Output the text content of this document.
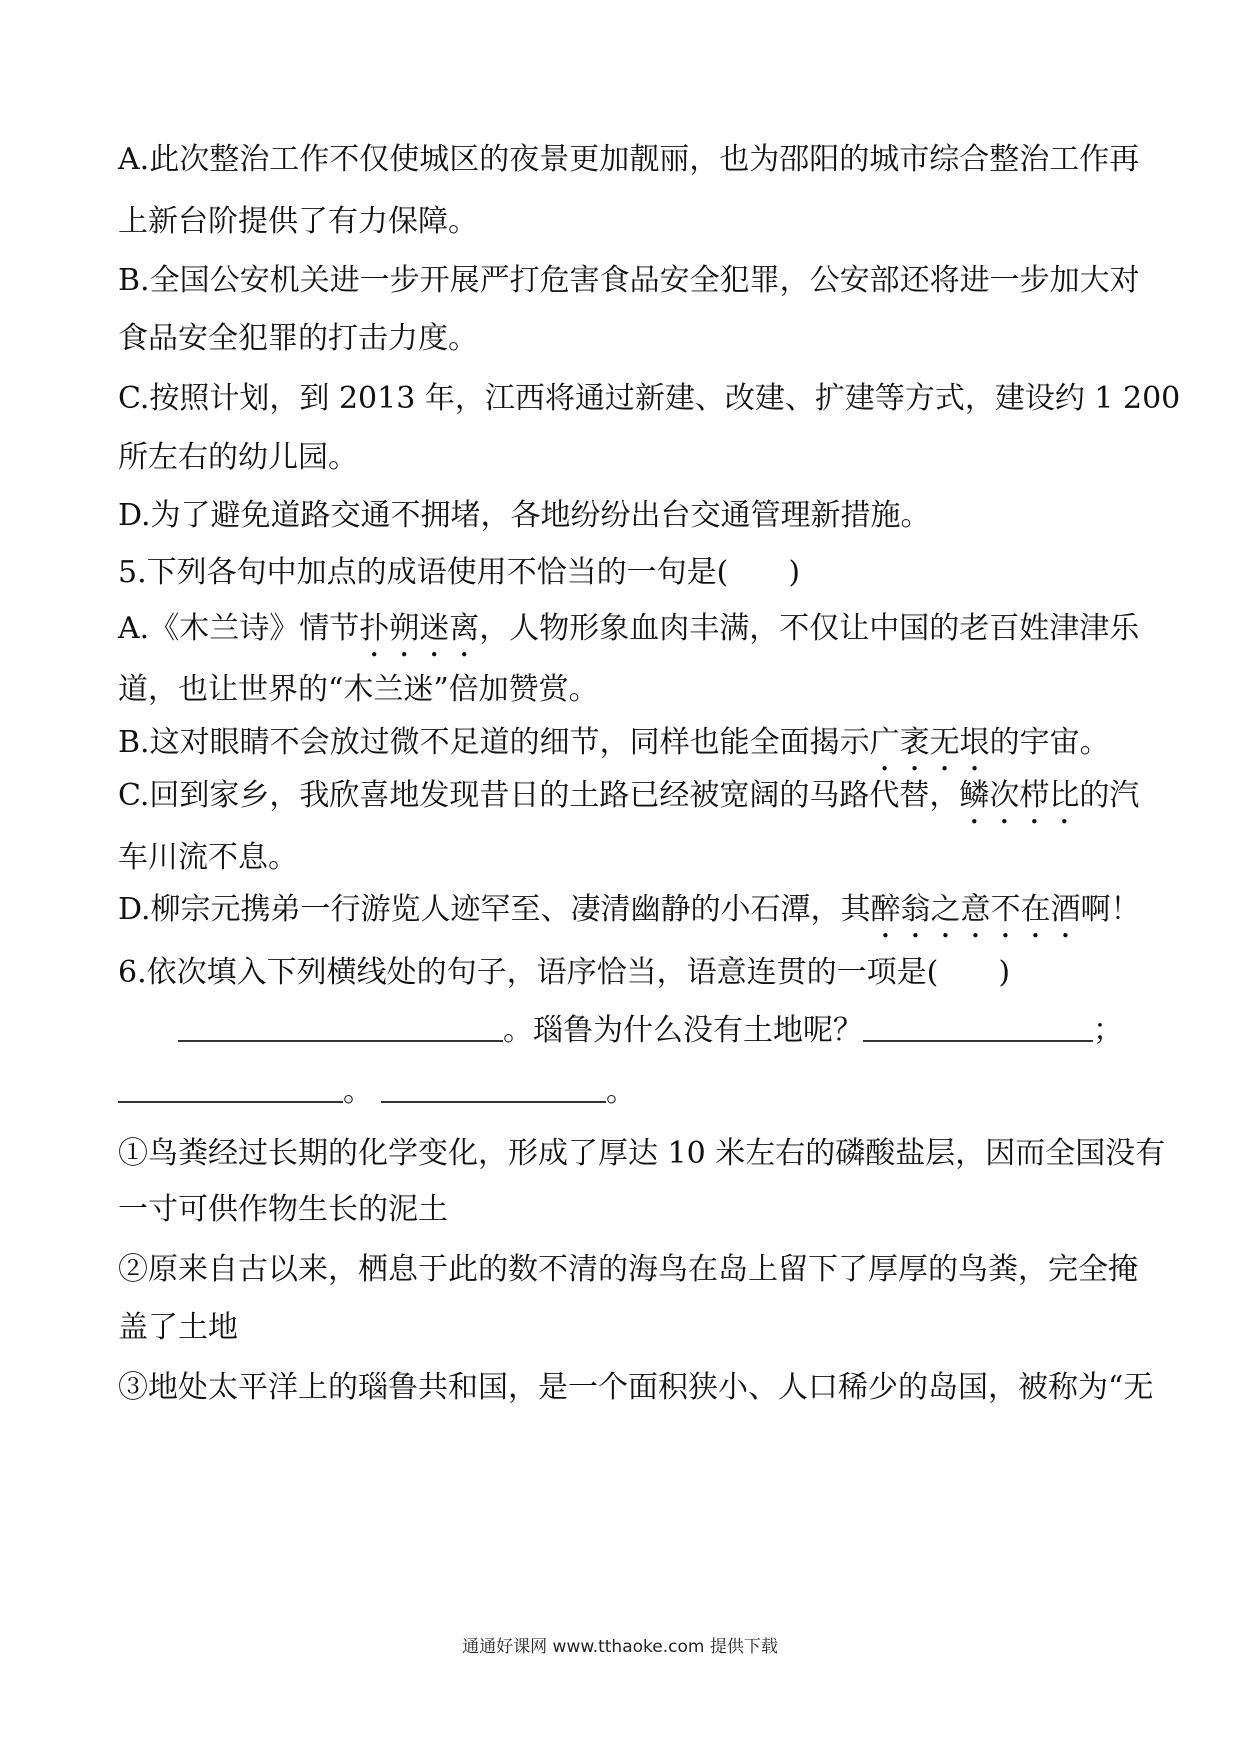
A.此次整治工作不仅使城区的夜景更加靓丽，也为邵阳的城市综合整治工作再
上新台阶提供了有力保障。
B.全国公安机关进一步开展严打危害食品安全犯罪，公安部还将进一步加大对
食品安全犯罪的打击力度。
C.按照计划，到 2013 年，江西将通过新建、改建、扩建等方式，建设约 1 200
所左右的幼儿园。
D.为了避免道路交通不拥堵，各地纷纷出台交通管理新措施。
5.下列各句中加点的成语使用不恰当的一句是(　　)
A.《木兰诗》情节扑朔迷离，人物形象血肉丰满，不仅让中国的老百姓津津乐
道，也让世界的“木兰迷”倍加赞赏。
B.这对眼睛不会放过微不足道的细节，同样也能全面揭示广袤无垠的宇宙。
C.回到家乡，我欣喜地发现昔日的土路已经被宽阔的马路代替，鳞次栉比的汽
车川流不息。
D.柳宗元携弟一行游览人迹罕至、凄清幽静的小石潭，其醉翁之意不在酒啊！
6.依次填入下列横线处的句子，语序恰当，语意连贯的一项是(　　)
。瑙鲁为什么没有土地呢？	；
。	。
①鸟粪经过长期的化学变化，形成了厚达 10 米左右的磷酸盐层，因而全国没有
一寸可供作物生长的泥土
②原来自古以来，栖息于此的数不清的海鸟在岛上留下了厚厚的鸟粪，完全掩
盖了土地
③地处太平洋上的瑙鲁共和国，是一个面积狭小、人口稀少的岛国，被称为“无
通通好课网 www.tthaoke.com 提供下载
